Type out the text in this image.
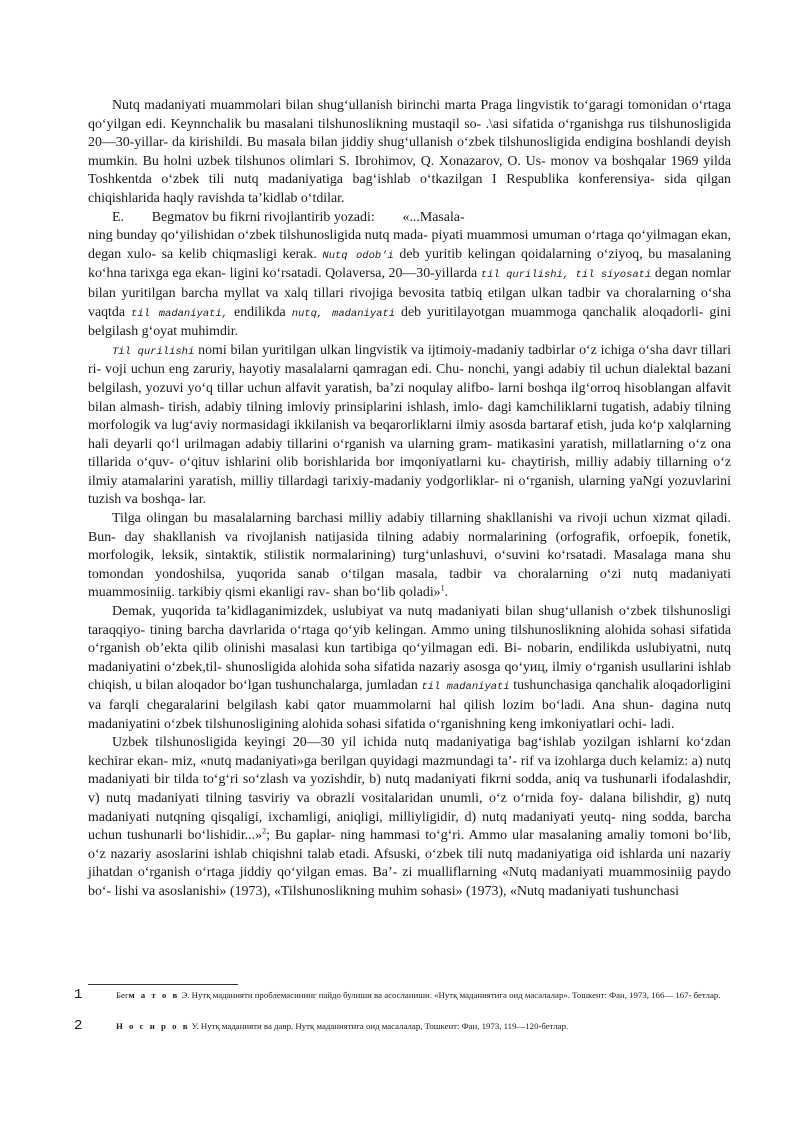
Nutq madaniyati muammolari bilan shug‘ullanish birinchi marta Praga lingvistik to‘garagi tomonidan o‘rtaga qo‘yilgan edi. Keynnchalik bu masalani tilshunoslikning mustaqil so- .\asi sifatida o‘rganishga rus tilshunosligida 20—30-yillar- da kirishildi. Bu masala bilan jiddiy shug‘ullanish o‘zbek tilshunosligida endigina boshlandi deyish mumkin. Bu holni uzbek tilshunos olimlari S. Ibrohimov, Q. Xonazarov, O. Us- monov va boshqalar 1969 yilda Toshkentda o‘zbek tili nutq madaniyatiga bag‘ishlab o‘tkazilgan I Respublika konferensiya- sida qilgan chiqishlarida haqly ravishda ta’kidlab o‘tdilar.

E.        Begmatov bu fikrni rivojlantirib yozadi:        «...Masala-

ning bunday qo‘yilishidan o‘zbek tilshunosligida nutq mada- piyati muammosi umuman o‘rtaga qo‘yilmagan ekan, degan xulo- sa kelib chiqmasligi kerak. Nutq odob'i deb yuritib kelingan qoidalarning o‘ziyoq, bu masalaning ko‘hna tarixga ega ekan- ligini ko‘rsatadi. Qolaversa, 20—30-yillarda til qurilishi, til siyosati degan nomlar bilan yuritilgan barcha myllat va xalq tillari rivojiga bevosita tatbiq etilgan ulkan tadbir va choralarning o‘sha vaqtda til madaniyati, endilikda nutq, madaniyati deb yuritilayotgan muammoga qanchalik aloqadorli- gini belgilash g‘oyat muhimdir.

Til qurilishi nomi bilan yuritilgan ulkan lingvistik va ijtimoiy-madaniy tadbirlar o‘z ichiga o‘sha davr tillari ri- voji uchun eng zaruriy, hayotiy masalalarni qamragan edi. Chu- nonchi, yangi adabiy til uchun dialektal bazani belgilash, yozuvi yo‘q tillar uchun alfavit yaratish, ba’zi noqulay alifbo- larni boshqa ilg‘orroq hisoblangan alfavit bilan almash- tirish, adabiy tilning imloviy prinsiplarini ishlash, imlo- dagi kamchiliklarni tugatish, adabiy tilning morfologik va lug‘aviy normasidagi ikkilanish va beqarorliklarni ilmiy asosda bartaraf etish, juda ko‘p xalqlarning hali deyarli qo‘l urilmagan adabiy tillarini o‘rganish va ularning gram- matikasini yaratish, millatlarning o‘z ona tillarida o‘quv- o‘qituv ishlarini olib borishlarida bor imqoniyatlarni ku- chaytirish, milliy adabiy tillarning o‘z ilmiy atamalarini yaratish, milliy tillardagi tarixiy-madaniy yodgorliklar- ni o‘rganish, ularning yaNgi yozuvlarini tuzish va boshqa- lar.

Tilga olingan bu masalalarning barchasi milliy adabiy tillarning shakllanishi va rivoji uchun xizmat qiladi. Bun- day shakllanish va rivojlanish natijasida tilning adabiy normalarining (orfografik, orfoepik, fonetik, morfologik, leksik, sintaktik, stilistik normalarining) turg‘unlashuvi, o‘suvini ko‘rsatadi. Masalaga mana shu tomondan yondoshilsa, yuqorida sanab o‘tilgan masala, tadbir va choralarning o‘zi nutq madaniyati muammosiniig. tarkibiy qismi ekanligi rav- shan bo‘lib qoladi»$^1$.

Demak, yuqorida ta’kidlaganimizdek, uslubiyat va nutq madaniyati bilan shug‘ullanish o‘zbek tilshunosligi taraqqiyo- tining barcha davrlarida o‘rtaga qo‘yib kelingan. Ammo uning tilshunoslikning alohida sohasi sifatida o‘rganish ob’ekta qilib olinishi masalasi kun tartibiga qo‘yilmagan edi. Bi- nobarin, endilikda uslubiyatni, nutq madaniyatini o‘zbek,til- shunosligida alohida soha sifatida nazariy asosga qo‘yиц, ilmiy o‘rganish usullarini ishlab chiqish, u bilan aloqador bo‘lgan tushunchalarga, jumladan til madaniyati tushunchasiga qanchalik aloqadorligini va farqli chegaralarini belgilash kabi qator muammolarni hal qilish lozim bo‘ladi. Ana shun- dagina nutq madaniyatini o‘zbek tilshunosligining alohida sohasi sifatida o‘rganishning keng imkoniyatlari ochi- ladi.

Uzbek tilshunosligida keyingi 20—30 yil ichida nutq madaniyatiga bag‘ishlab yozilgan ishlarni ko‘zdan kechirar ekan- miz, «nutq madaniyati»ga berilgan quyidagi mazmundagi ta’- rif va izohlarga duch kelamiz: a) nutq madaniyati bir tilda to‘g‘ri so‘zlash va yozishdir, b) nutq madaniyati fikrni sodda, aniq va tushunarli ifodalashdir, v) nutq madaniyati tilning tasviriy va obrazli vositalaridan unumli, o‘z o‘rnida foy- dalana bilishdir, g) nutq madaniyati nutqning qisqaligi, ixchamligi, aniqligi, milliyligidir, d) nutq madaniyati yeutq- ning sodda, barcha uchun tushunarli bo‘lishidir...»$^2$; Bu gaplar- ning hammasi to‘g‘ri. Ammo ular masalaning amaliy tomoni bo‘lib, o‘z nazariy asoslarini ishlab chiqishni talab etadi. Afsuski, o‘zbek tili nutq madaniyatiga oid ishlarda uni nazariy jihatdan o‘rganish o‘rtaga jiddiy qo‘yilgan emas. Ba’- zi mualliflarning «Nutq madaniyati muammosiniig paydo bo‘- lishi va asoslanishi» (1973), «Tilshunoslikning muhim sohasi» (1973), «Nutq madaniyati tushunchasi

1	Бегм а т о в Э. Нутқ маданияти проблемасининг пайдо булиши ва асосланиши. «Нутқ маданиятига оид масалалар». Тошкент: Фан, 1973, 166— 167- бетлар.
2	Н о с и р о в У. Нутқ маданияти ва давр. Нутқ маданиятига оид масалалар, Тошкент: Фан, 1973, 119—120-бетлар.
